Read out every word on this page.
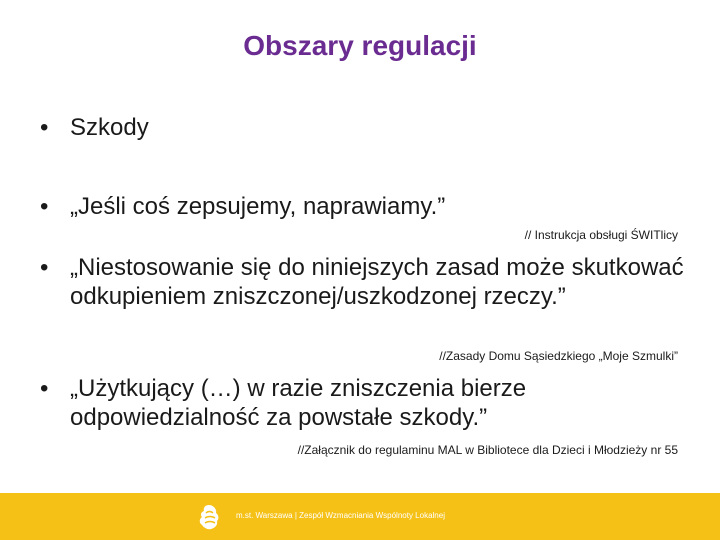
Obszary regulacji
• Szkody
• „Jeśli coś zepsujemy, naprawiamy.”
// Instrukcja obsługi ŚWITlicy
• „Niestosowanie się do niniejszych zasad może skutkować odkupieniem zniszczonej/uszkodzonej rzeczy.”
//Zasady Domu Sąsiedzkiego „Moje Szmulki”
• „Użytkujący (…) w razie zniszczenia bierze odpowiedzialność za powstałe szkody.”
//Załącznik do regulaminu MAL w Bibliotece dla Dzieci i Młodzieży nr 55
m.st. Warszawa | Zespół Wzmacniania Wspólnoty Lokalnej
